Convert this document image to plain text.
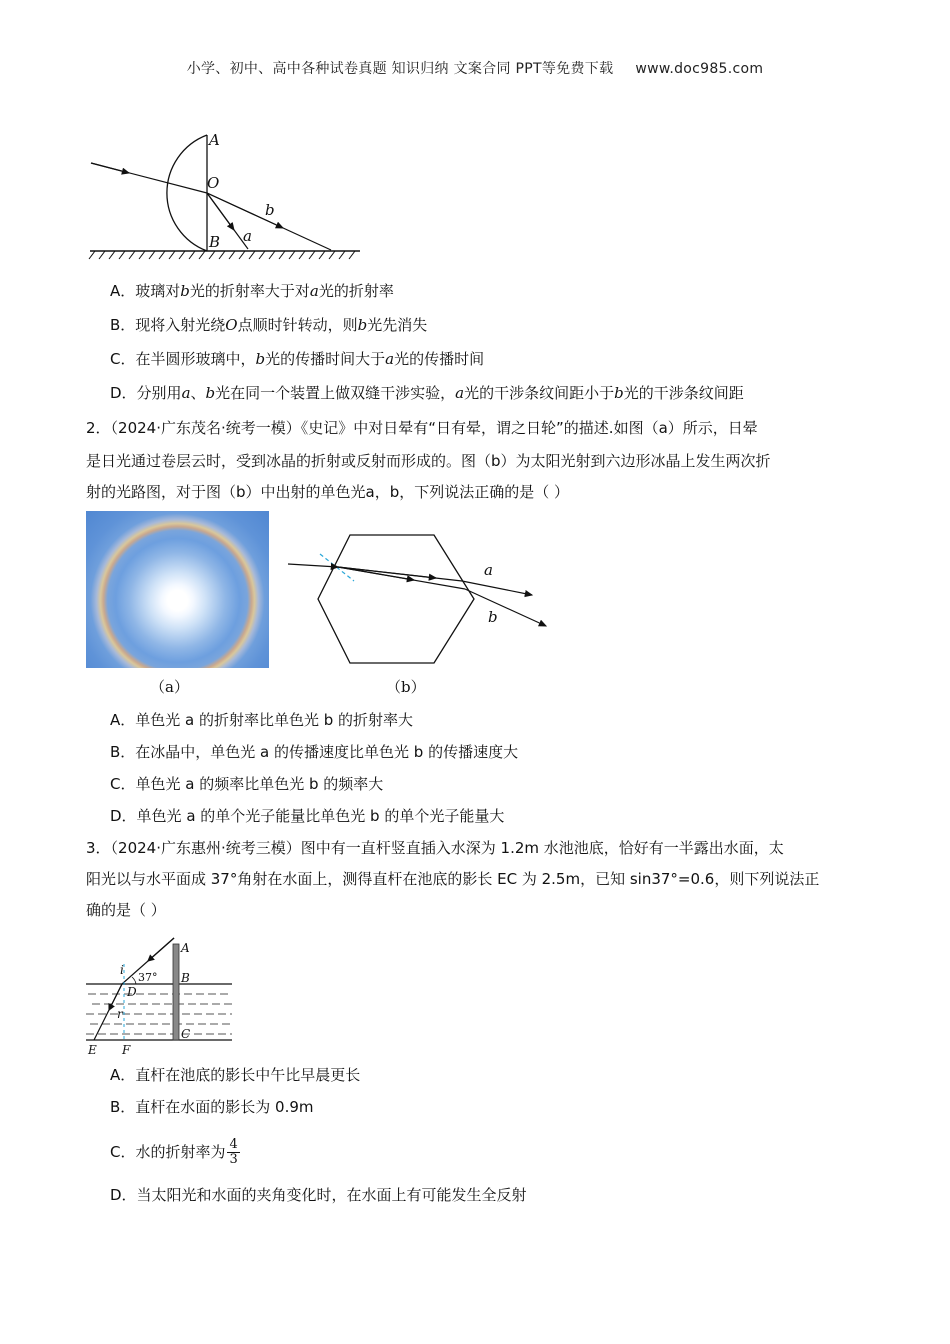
小学、初中、高中各种试卷真题 知识归纳 文案合同 PPT等免费下载 www.doc985.com
A
O
B a
b
A．玻璃对b光的折射率大于对a光的折射率
B．现将入射光绕O点顺时针转动，则b光先消失
C．在半圆形玻璃中，b光的传播时间大于a光的传播时间
D．分别用a、b光在同一个装置上做双缝干涉实验，a光的干涉条纹间距小于b光的干涉条纹间距
2．（2024·广东茂名·统考一模）《史记》中对日晕有“日有晕，谓之日轮”的描述.如图（a）所示，日晕
是日光通过卷层云时，受到冰晶的折射或反射而形成的。图（b）为太阳光射到六边形冰晶上发生两次折
射的光路图，对于图（b）中出射的单色光a，b，下列说法正确的是（ ）
（a）
a
b
（b）
A．单色光 a 的折射率比单色光 b 的折射率大
B．在冰晶中，单色光 a 的传播速度比单色光 b 的传播速度大
C．单色光 a 的频率比单色光 b 的频率大
D．单色光 a 的单个光子能量比单色光 b 的单个光子能量大
3．（2024·广东惠州·统考三模）图中有一直杆竖直插入水深为 1.2m 水池池底，恰好有一半露出水面，太
阳光以与水平面成 37°角射在水面上，测得直杆在池底的影长 EC 为 2.5m，已知 sin37°=0.6，则下列说法正
确的是（ ）
A
B
C
D
E F
i
r
37°
A．直杆在池底的影长中午比早晨更长
B．直杆在水面的影长为 0.9m
C．水的折射率为 $\frac{4}{3}$
D．当太阳光和水面的夹角变化时，在水面上有可能发生全反射
